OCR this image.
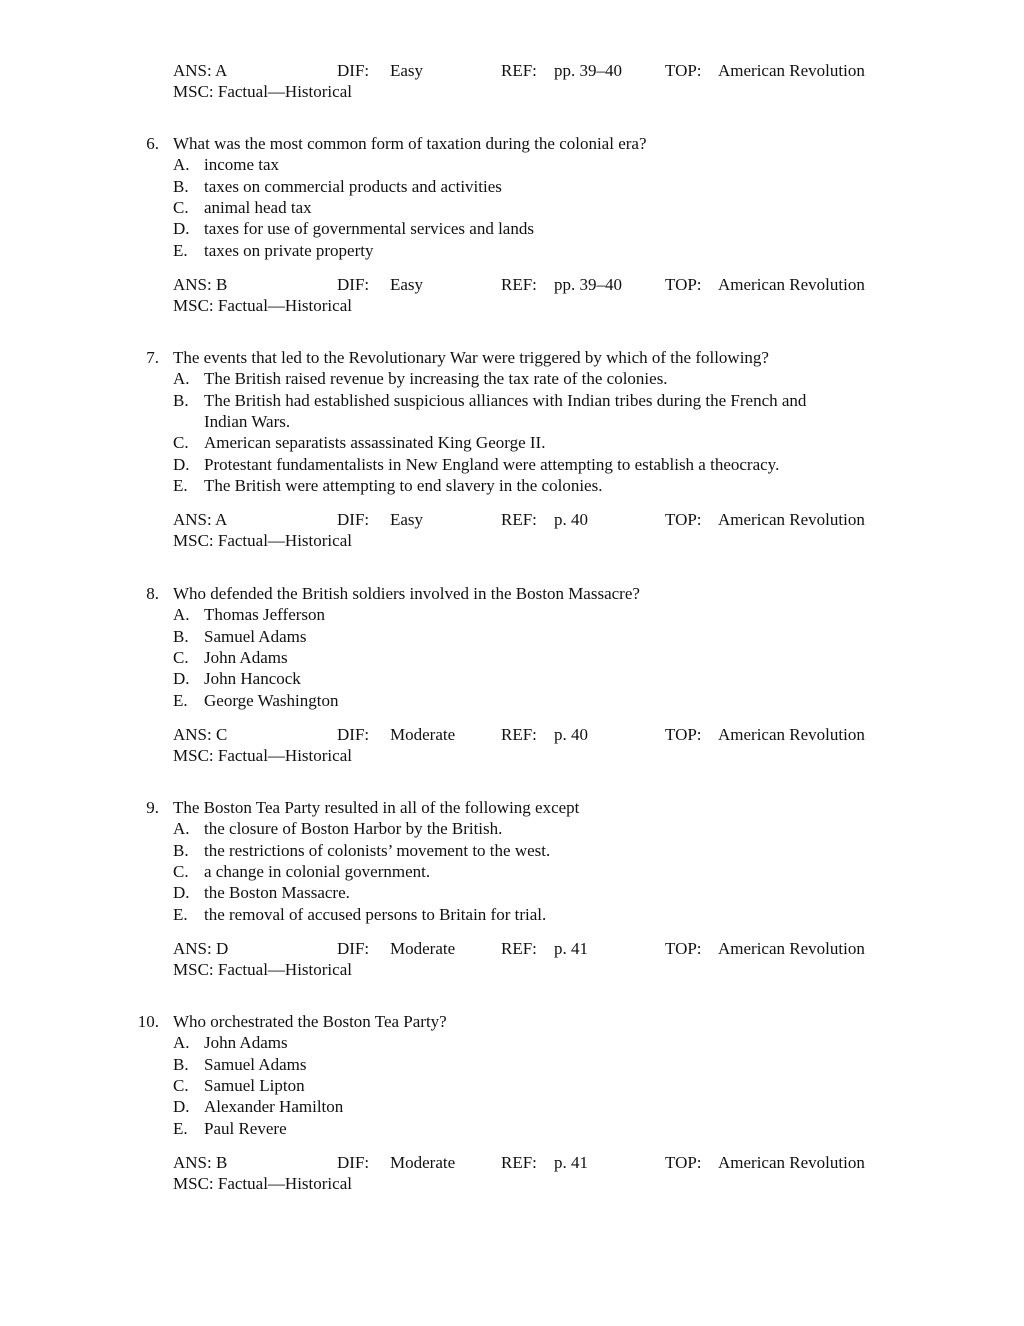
ANS: A	DIF: Easy	REF: pp. 39–40	TOP: American Revolution
MSC: Factual—Historical
6. What was the most common form of taxation during the colonial era?
A. income tax
B. taxes on commercial products and activities
C. animal head tax
D. taxes for use of governmental services and lands
E. taxes on private property
ANS: B	DIF: Easy	REF: pp. 39–40	TOP: American Revolution
MSC: Factual—Historical
7. The events that led to the Revolutionary War were triggered by which of the following?
A. The British raised revenue by increasing the tax rate of the colonies.
B. The British had established suspicious alliances with Indian tribes during the French and
Indian Wars.
C. American separatists assassinated King George II.
D. Protestant fundamentalists in New England were attempting to establish a theocracy.
E. The British were attempting to end slavery in the colonies.
ANS: A	DIF: Easy	REF: p. 40	TOP: American Revolution
MSC: Factual—Historical
8. Who defended the British soldiers involved in the Boston Massacre?
A. Thomas Jefferson
B. Samuel Adams
C. John Adams
D. John Hancock
E. George Washington
ANS: C	DIF: Moderate	REF: p. 40	TOP: American Revolution
MSC: Factual—Historical
9. The Boston Tea Party resulted in all of the following except
A. the closure of Boston Harbor by the British.
B. the restrictions of colonists’ movement to the west.
C. a change in colonial government.
D. the Boston Massacre.
E. the removal of accused persons to Britain for trial.
ANS: D	DIF: Moderate	REF: p. 41	TOP: American Revolution
MSC: Factual—Historical
10. Who orchestrated the Boston Tea Party?
A. John Adams
B. Samuel Adams
C. Samuel Lipton
D. Alexander Hamilton
E. Paul Revere
ANS: B	DIF: Moderate	REF: p. 41	TOP: American Revolution
MSC: Factual—Historical
